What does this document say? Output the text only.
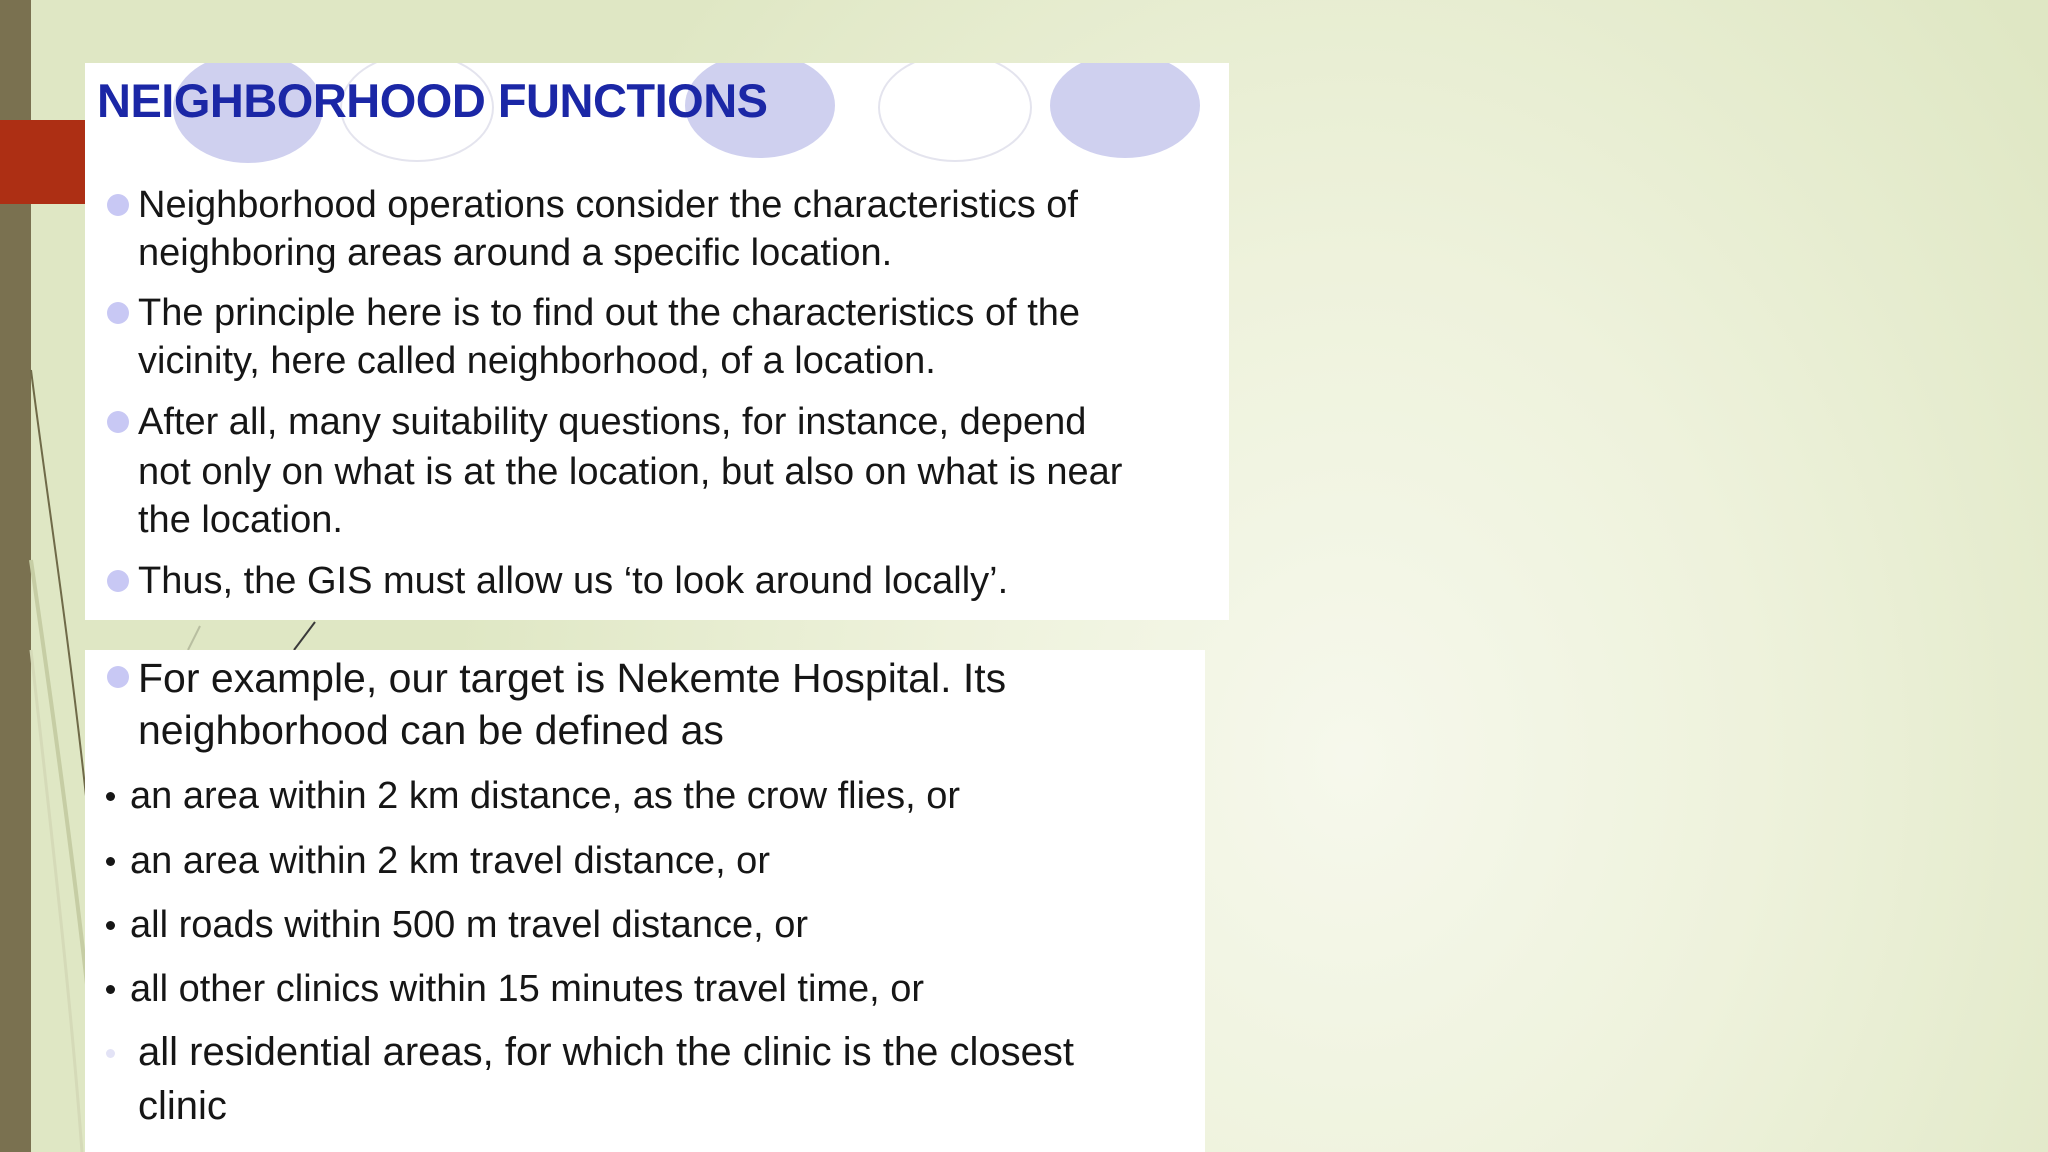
NEIGHBORHOOD FUNCTIONS
Neighborhood operations consider the characteristics of
neighboring areas around a specific location.
The principle here is to find out the characteristics of the
vicinity, here called neighborhood, of a location.
After all, many suitability questions, for instance, depend
not only on what is at the location, but also on what is near
the location.
Thus, the GIS must allow us ‘to look around locally’.
For example, our target is Nekemte Hospital. Its
neighborhood can be defined as
an area within 2 km distance, as the crow flies, or
an area within 2 km travel distance, or
all roads within 500 m travel distance, or
all other clinics within 15 minutes travel time, or
all residential areas, for which the clinic is the closest
clinic
